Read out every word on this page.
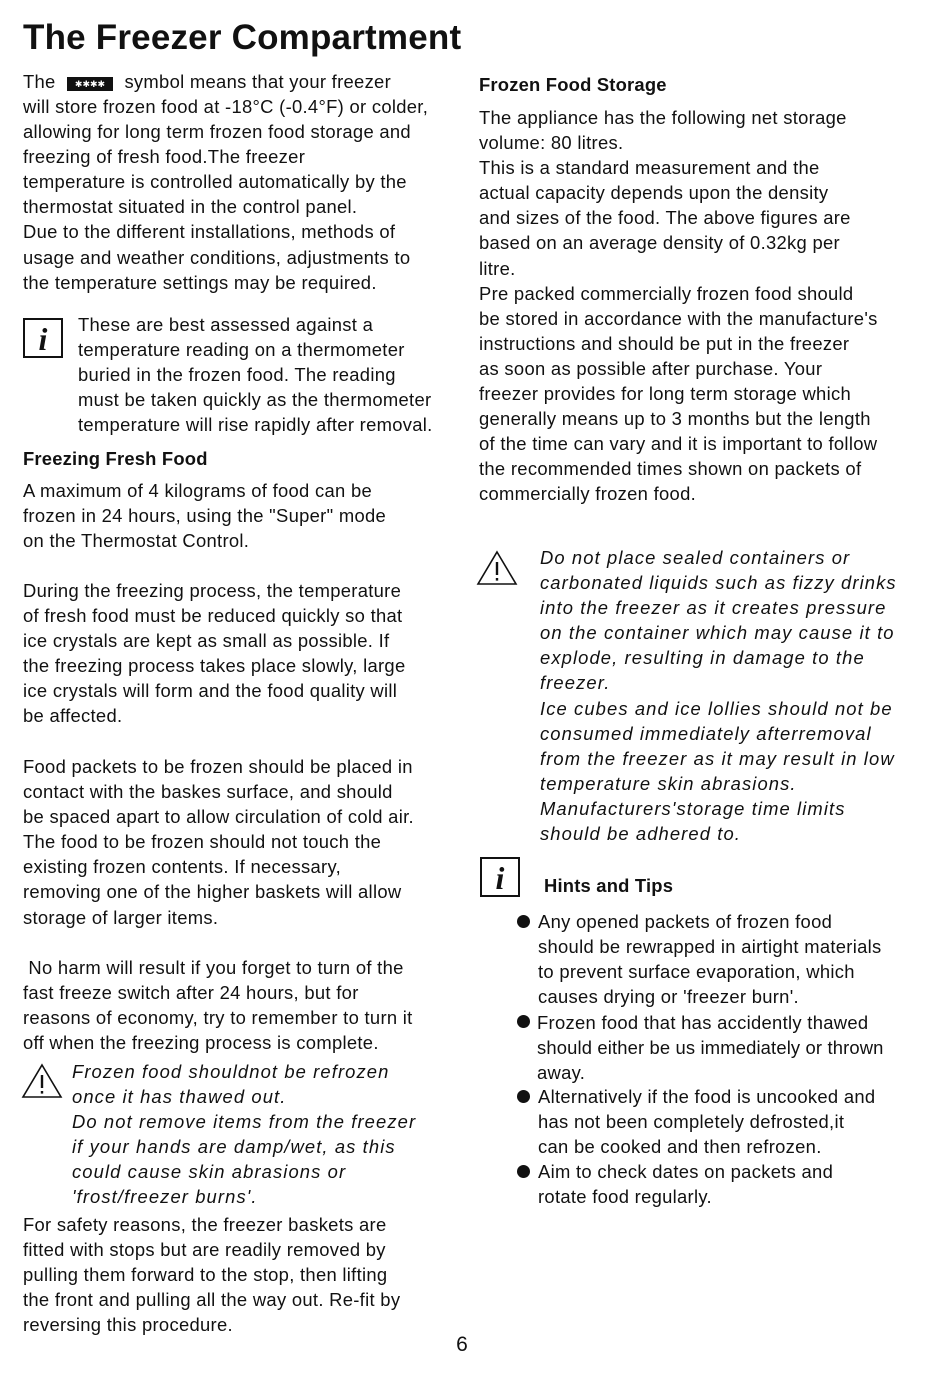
The Freezer Compartment
The ✱✱✱✱ symbol means that your freezer

will store frozen food at -18°C (-0.4°F) or colder,

allowing for long term frozen food storage and

freezing of fresh food.The freezer

temperature is controlled automatically by the

thermostat situated in the control panel.

Due to the different installations, methods of

usage and weather conditions, adjustments to

the temperature settings may be required.

i These are best assessed against a

temperature reading on a thermometer

buried in the frozen food. The reading

must be taken quickly as the thermometer

temperature will rise rapidly after removal.

Freezing Fresh Food

A maximum of 4 kilograms of food can be

frozen in 24 hours, using the "Super" mode

on the Thermostat Control.

During the freezing process, the temperature

of fresh food must be reduced quickly so that

ice crystals are kept as small as possible. If

the freezing process takes place slowly, large

ice crystals will form and the food quality will

be affected.

Food packets to be frozen should be placed in

contact with the baskes surface, and should

be spaced apart to allow circulation of cold air.

The food to be frozen should not touch the

existing frozen contents. If necessary,

removing one of the higher baskets will allow

storage of larger items.

No harm will result if you forget to turn of the

fast freeze switch after 24 hours, but for

reasons of economy, try to remember to turn it

off when the freezing process is complete.

Frozen food shouldnot be refrozen

once it has thawed out.

Do not remove items from the freezer

if your hands are damp/wet, as this

could cause skin abrasions or

'frost/freezer burns'.

For safety reasons, the freezer baskets are

fitted with stops but are readily removed by

pulling them forward to the stop, then lifting

the front and pulling all the way out. Re-fit by

reversing this procedure.

Frozen Food Storage

The appliance has the following net storage

volume: 80 litres.

This is a standard measurement and the

actual capacity depends upon the density

and sizes of the food. The above figures are

based on an average density of 0.32kg per

litre.

Pre packed commercially frozen food should

be stored in accordance with the manufacture's

instructions and should be put in the freezer

as soon as possible after purchase. Your

freezer provides for long term storage which

generally means up to 3 months but the length

of the time can vary and it is important to follow

the recommended times shown on packets of

commercially frozen food.

Do not place sealed containers or

carbonated liquids such as fizzy drinks

into the freezer as it creates pressure

on the container which may cause it to

explode, resulting in damage to the

freezer.

Ice cubes and ice lollies should not be

consumed immediately afterremoval

from the freezer as it may result in low

temperature skin abrasions.

Manufacturers'storage time limits

should be adhered to.

i Hints and Tips

Any opened packets of frozen food

should be rewrapped in airtight materials

to prevent surface evaporation, which

causes drying or 'freezer burn'.

Frozen food that has accidently thawed

should either be us immediately or thrown

away.

Alternatively if the food is uncooked and

has not been completely defrosted,it

can be cooked and then refrozen.

Aim to check dates on packets and

rotate food regularly.

6
